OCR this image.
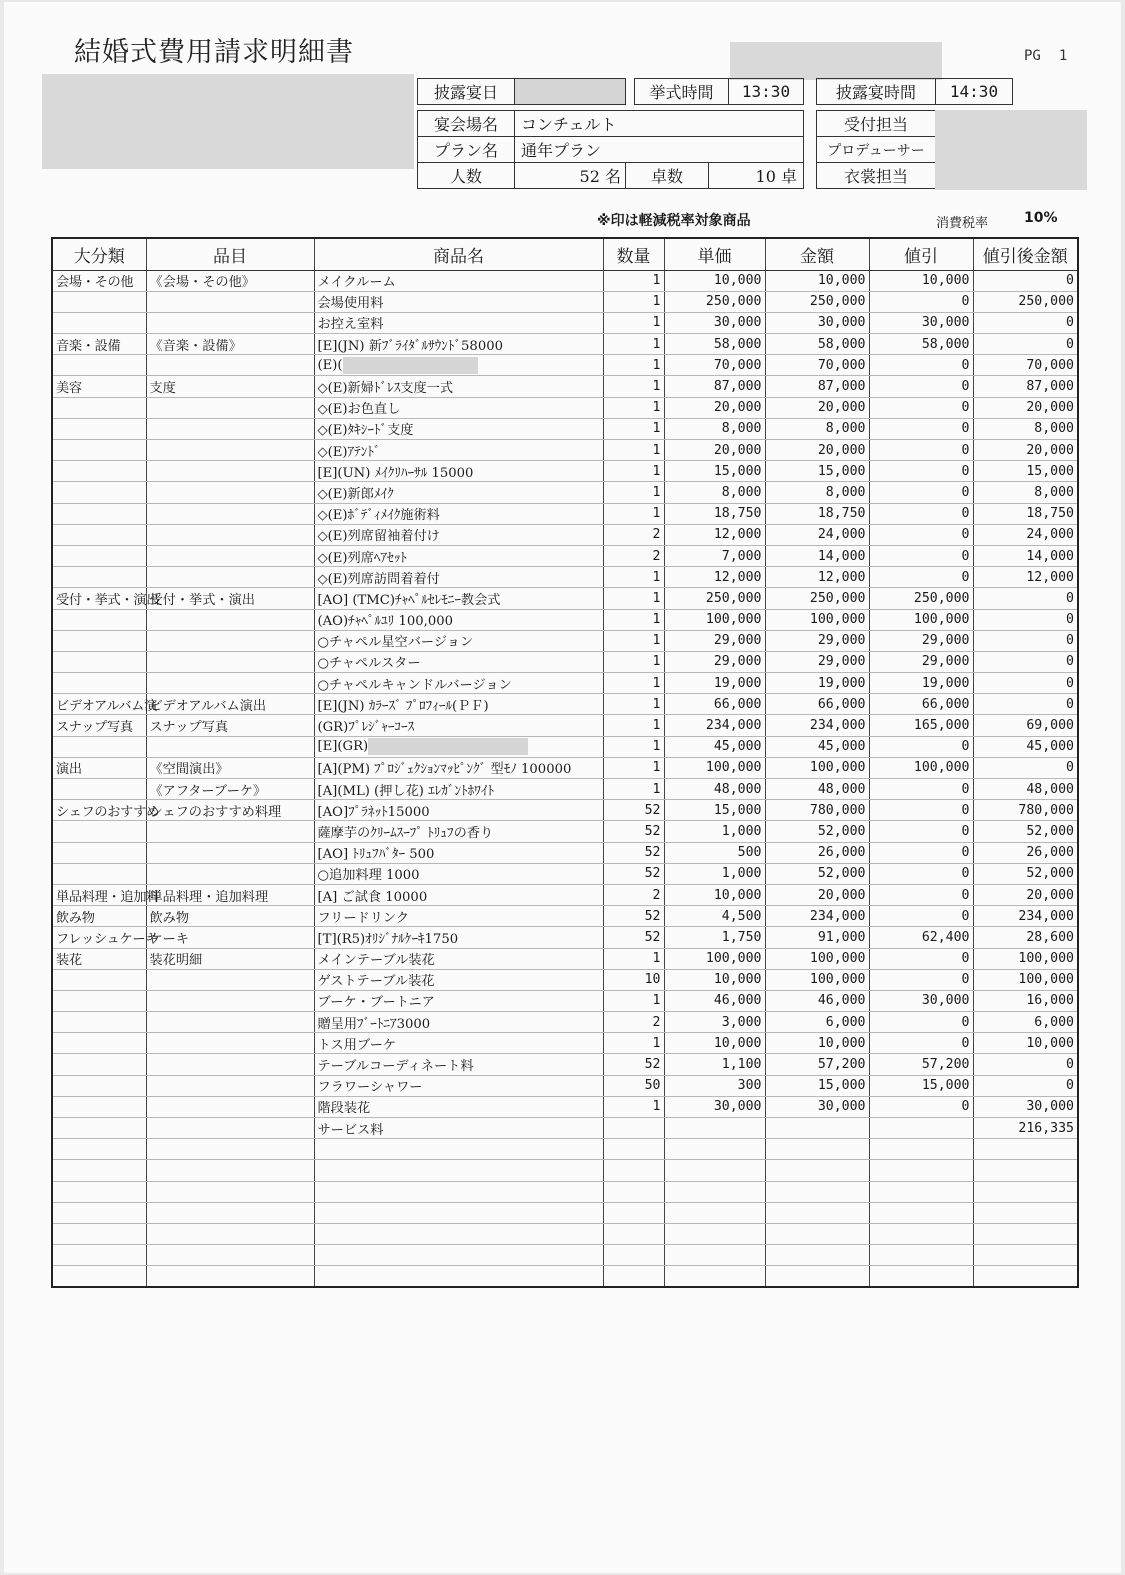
結婚式費用請求明細書	PG 1
披露宴日	挙式時間	13:30	披露宴時間	14:30
宴会場名	コンチェルト
プラン名	通年プラン
人数	52 名	卓数	10 卓
受付担当
プロデューサー
衣裳担当
※印は軽減税率対象商品	消費税率	10%
大分類	品目	商品名	数量	単価	金額	値引	値引後金額
会場・その他	《会場・その他》	メイクルーム	1	10,000	10,000	10,000	0
		会場使用料	1	250,000	250,000	0	250,000
		お控え室料	1	30,000	30,000	30,000	0
音楽・設備	《音楽・設備》	[E](JN) 新ﾌﾞﾗｲﾀﾞﾙｻｳﾝﾄﾞ58000	1	58,000	58,000	58,000	0
		(E)(	1	70,000	70,000	0	70,000
美容	支度	◇(E)新婦ﾄﾞﾚｽ支度一式	1	87,000	87,000	0	87,000
		◇(E)お色直し	1	20,000	20,000	0	20,000
		◇(E)ﾀｷｼｰﾄﾞ支度	1	8,000	8,000	0	8,000
		◇(E)ｱﾃﾝﾄﾞ	1	20,000	20,000	0	20,000
		[E](UN) ﾒｲｸﾘﾊｰｻﾙ 15000	1	15,000	15,000	0	15,000
		◇(E)新郎ﾒｲｸ	1	8,000	8,000	0	8,000
		◇(E)ﾎﾞﾃﾞｨﾒｲｸ施術料	1	18,750	18,750	0	18,750
		◇(E)列席留袖着付け	2	12,000	24,000	0	24,000
		◇(E)列席ﾍｱｾｯﾄ	2	7,000	14,000	0	14,000
		◇(E)列席訪問着着付	1	12,000	12,000	0	12,000
受付・挙式・演出	受付・挙式・演出	[AO] (TMC)ﾁｬﾍﾟﾙｾﾚﾓﾆｰ教会式	1	250,000	250,000	250,000	0
		(AO)ﾁｬﾍﾟﾙﾕﾘ 100,000	1	100,000	100,000	100,000	0
		○チャペル星空バージョン	1	29,000	29,000	29,000	0
		○チャペルスター	1	29,000	29,000	29,000	0
		○チャペルキャンドルバージョン	1	19,000	19,000	19,000	0
ビデオアルバム演	ビデオアルバム演出	[E](JN) ｶﾗｰｽﾞ ﾌﾟﾛﾌｨｰﾙ(ＰＦ)	1	66,000	66,000	66,000	0
スナップ写真	スナップ写真	(GR)ﾌﾟﾚｼﾞｬｰｺｰｽ	1	234,000	234,000	165,000	69,000
		[E](GR)	1	45,000	45,000	0	45,000
演出	《空間演出》	[A](PM) ﾌﾟﾛｼﾞｪｸｼｮﾝﾏｯﾋﾟﾝｸﾞ 型ﾓﾉ 100000	1	100,000	100,000	100,000	0
	《アフターブーケ》	[A](ML) (押し花) ｴﾚｶﾞﾝﾄﾎﾜｲﾄ	1	48,000	48,000	0	48,000
シェフのおすすめ	シェフのおすすめ料理	[AO]ﾌﾟﾗﾈｯﾄ15000	52	15,000	780,000	0	780,000
		薩摩芋のｸﾘｰﾑｽｰﾌﾟ ﾄﾘｭﾌの香り	52	1,000	52,000	0	52,000
		[AO] ﾄﾘｭﾌﾊﾞﾀｰ 500	52	500	26,000	0	26,000
		○追加料理 1000	52	1,000	52,000	0	52,000
単品料理・追加料	単品料理・追加料理	[A] ご試食 10000	2	10,000	20,000	0	20,000
飲み物	飲み物	フリードリンク	52	4,500	234,000	0	234,000
フレッシュケーキ	ケーキ	[T](R5)ｵﾘｼﾞﾅﾙｹｰｷ1750	52	1,750	91,000	62,400	28,600
装花	装花明細	メインテーブル装花	1	100,000	100,000	0	100,000
		ゲストテーブル装花	10	10,000	100,000	0	100,000
		ブーケ・ブートニア	1	46,000	46,000	30,000	16,000
		贈呈用ﾌﾞｰﾄﾆｱ3000	2	3,000	6,000	0	6,000
		トス用ブーケ	1	10,000	10,000	0	10,000
		テーブルコーディネート料	52	1,100	57,200	57,200	0
		フラワーシャワー	50	300	15,000	15,000	0
		階段装花	1	30,000	30,000	0	30,000
		サービス料					216,335
